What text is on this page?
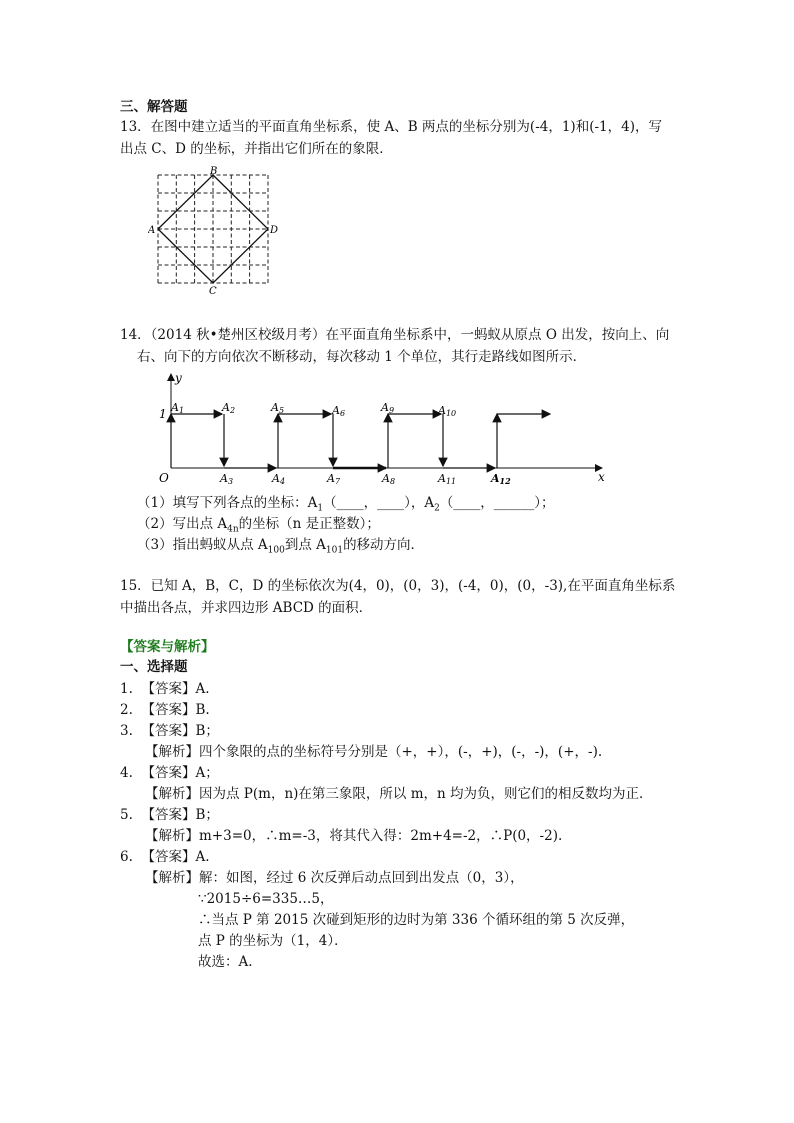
三、解答题
13．在图中建立适当的平面直角坐标系，使 A、B 两点的坐标分别为(-4，1)和(-1，4)，写
出点 C、D 的坐标，并指出它们所在的象限．
B
A	D
C
14．（2014 秋•楚州区校级月考）在平面直角坐标系中，一蚂蚁从原点 O 出发，按向上、向
右、向下的方向依次不断移动，每次移动 1 个单位，其行走路线如图所示．
y
x
O
1 A1	A2
A3	A4
A5	A6
A7	A8
A9	A10
A11	A12
（1）填写下列各点的坐标：$A_1(\_\_\_\_$，____），$A_2(\_\_\_\_$，______）；
（2）写出点 $A_{4n}$的坐标（n 是正整数）；
（3）指出蚂蚁从点 $A_{100}$到点 $A_{101}$的移动方向．
15．已知 A，B，C，D 的坐标依次为(4，0)，(0，3)，(-4，0)，(0，-3),在平面直角坐标系
中描出各点，并求四边形 ABCD 的面积．
【答案与解析】
一、选择题
1. 【答案】A.
2. 【答案】B.
3. 【答案】B；
【解析】四个象限的点的坐标符号分别是（+，+），(-，+)，(-，-)，(+，-).
4. 【答案】A；
【解析】因为点 P(m，n)在第三象限，所以 m，n 均为负，则它们的相反数均为正．
5. 【答案】B；
【解析】m+3=0，∴m=-3，将其代入得：2m+4=-2，∴P(0，-2).
6. 【答案】A.
【解析】解：如图，经过 6 次反弹后动点回到出发点（0，3），
∵2015÷6=335…5，
∴当点 P 第 2015 次碰到矩形的边时为第 336 个循环组的第 5 次反弹，
点 P 的坐标为（1，4）．
故选：A.
